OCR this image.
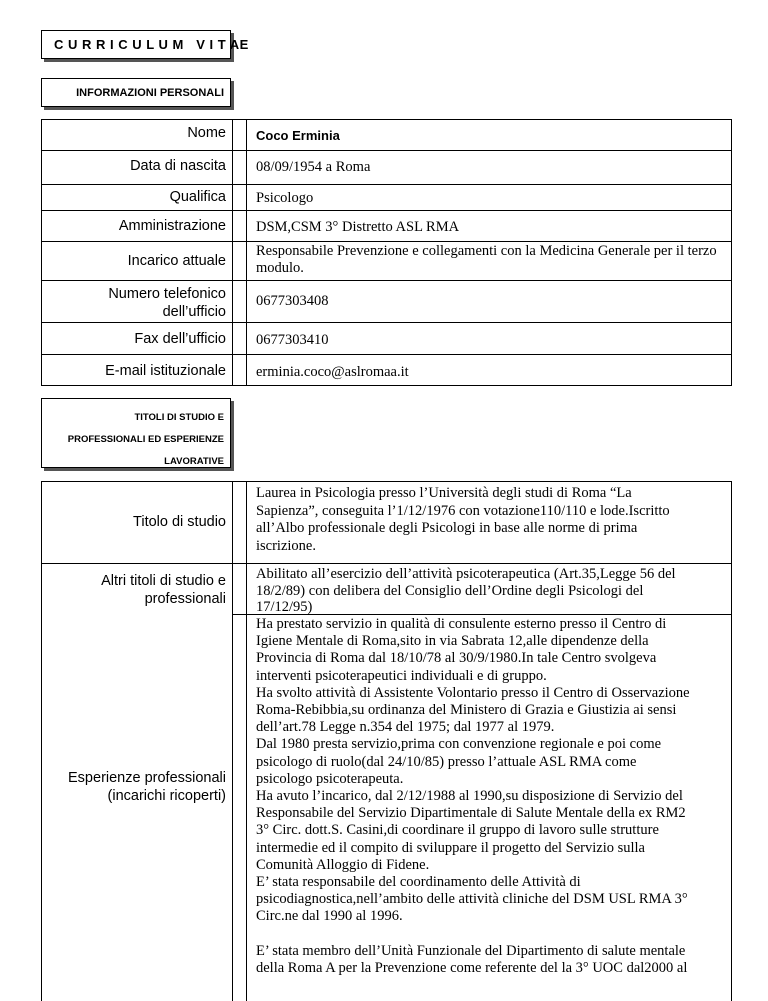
C U R R I C U L U M   V I T AE
INFORMAZIONI PERSONALI
Nome Coco Erminia
Data di nascita 08/09/1954 a Roma
Qualifica Psicologo
Amministrazione DSM,CSM 3° Distretto ASL RMA
Incarico attuale
Responsabile Prevenzione e collegamenti con la Medicina Generale per il terzo modulo.
Numero telefonico
dell’ufficio
0677303408
Fax dell’ufficio 0677303410
E-mail istituzionale erminia.coco@aslromaa.it
TITOLI DI STUDIO E
PROFESSIONALI ED ESPERIENZE
LAVORATIVE
Titolo di studio
Laurea in Psicologia presso l’Università degli studi di Roma “La
Sapienza”, conseguita l’1/12/1976 con votazione110/110 e lode.Iscritto
all’Albo professionale degli Psicologi in base alle norme di prima
iscrizione.
Altri titoli di studio e
professionali
Abilitato all’esercizio dell’attività psicoterapeutica (Art.35,Legge 56 del
18/2/89) con delibera del Consiglio dell’Ordine degli Psicologi del
17/12/95)
Esperienze professionali
(incarichi ricoperti)
Ha prestato servizio in qualità di consulente esterno presso il Centro di
Igiene Mentale di Roma,sito in via Sabrata 12,alle dipendenze della
Provincia di Roma dal 18/10/78 al 30/9/1980.In tale Centro svolgeva
interventi psicoterapeutici individuali e di gruppo.
Ha svolto attività di Assistente Volontario presso il Centro di Osservazione
Roma-Rebibbia,su ordinanza del Ministero di Grazia e Giustizia ai sensi
dell’art.78 Legge n.354 del 1975; dal 1977 al 1979.
Dal 1980 presta servizio,prima con convenzione regionale e poi come
psicologo di ruolo(dal 24/10/85) presso l’attuale ASL RMA come
psicologo psicoterapeuta.
Ha avuto l’incarico, dal 2/12/1988 al 1990,su disposizione di Servizio del
Responsabile del Servizio Dipartimentale di Salute Mentale della ex RM2
3° Circ. dott.S. Casini,di coordinare il gruppo di lavoro sulle strutture
intermedie ed il compito di sviluppare il progetto del Servizio sulla
Comunità Alloggio di Fidene.
E’ stata responsabile del coordinamento delle Attività di
psicodiagnostica,nell’ambito delle attività cliniche del DSM USL RMA 3°
Circ.ne dal 1990 al 1996.
E’ stata membro dell’Unità Funzionale del Dipartimento di salute mentale
della Roma A per la Prevenzione come referente del la 3° UOC dal2000 al
